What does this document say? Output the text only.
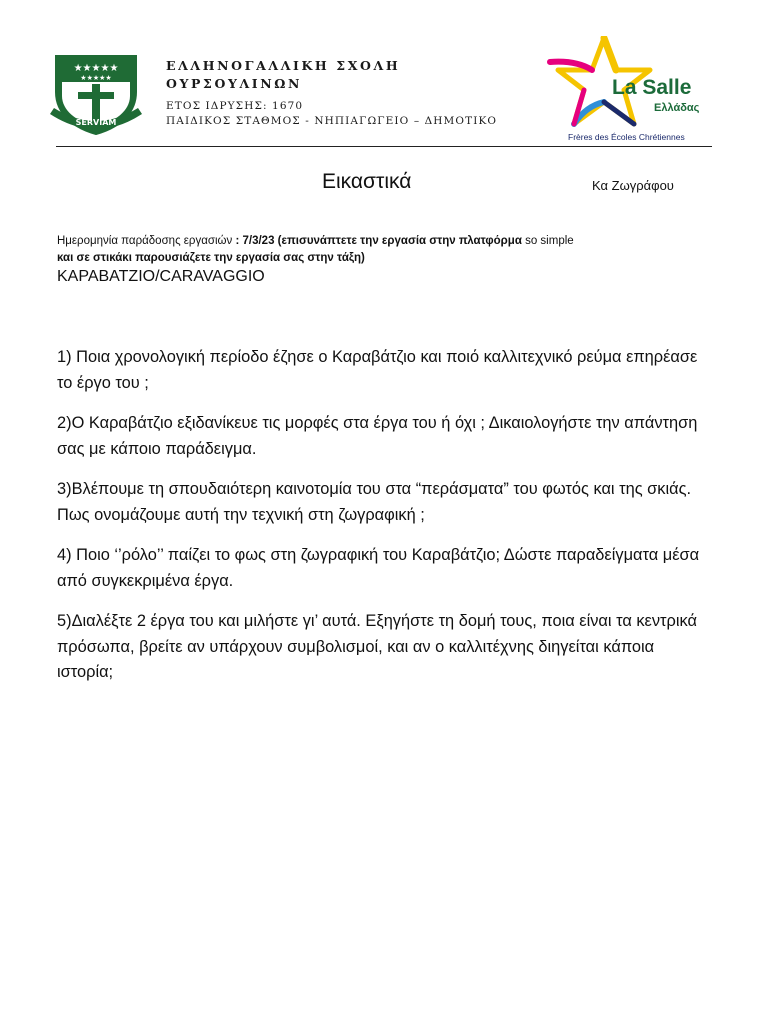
★★★★★
★★★★★
SERVIAM
ΕΛΛΗΝΟΓΑΛΛΙΚΗ ΣΧΟΛΗ
ΟΥΡΣΟΥΛΙΝΩΝ
ΕΤΟΣ ΙΔΡΥΣΗΣ: 1670
ΠΑΙΔΙΚΟΣ ΣΤΑΘΜΟΣ - ΝΗΠΙΑΓΩΓΕΙΟ – ΔΗΜΟΤΙΚΟ
La Salle
Ελλάδας
Frères des Écoles Chrétiennes
Εικαστικά	Κα Ζωγράφου
Ημερομηνία παράδοσης εργασιών : 7/3/23 (επισυνάπτετε την εργασία στην πλατφόρμα so simple
και σε στικάκι παρουσιάζετε την εργασία σας στην τάξη)
ΚΑΡΑΒΑΤΖΙΟ/CARAVAGGIO

1) Ποια χρονολογική περίοδο έζησε ο Καραβάτζιο και ποιό καλλιτεχνικό ρεύμα επηρέασε το έργο του ;

2)Ο Καραβάτζιο εξιδανίκευε τις μορφές στα έργα του ή όχι ; Δικαιολογήστε την απάντηση σας με κάποιο παράδειγμα.

3)Βλέπουμε τη σπουδαιότερη καινοτομία του στα “περάσματα” του φωτός και της σκιάς. Πως ονομάζουμε αυτή την τεχνική στη ζωγραφική ;

4) Ποιο ‘’ρόλο’’ παίζει το φως στη ζωγραφική του Καραβάτζιο; Δώστε παραδείγματα μέσα από συγκεκριμένα έργα.

5)Διαλέξτε 2 έργα του και μιλήστε γι’ αυτά. Εξηγήστε τη δομή τους, ποια είναι τα κεντρικά πρόσωπα, βρείτε αν υπάρχουν συμβολισμοί, και αν ο καλλιτέχνης διηγείται κάποια ιστορία;
